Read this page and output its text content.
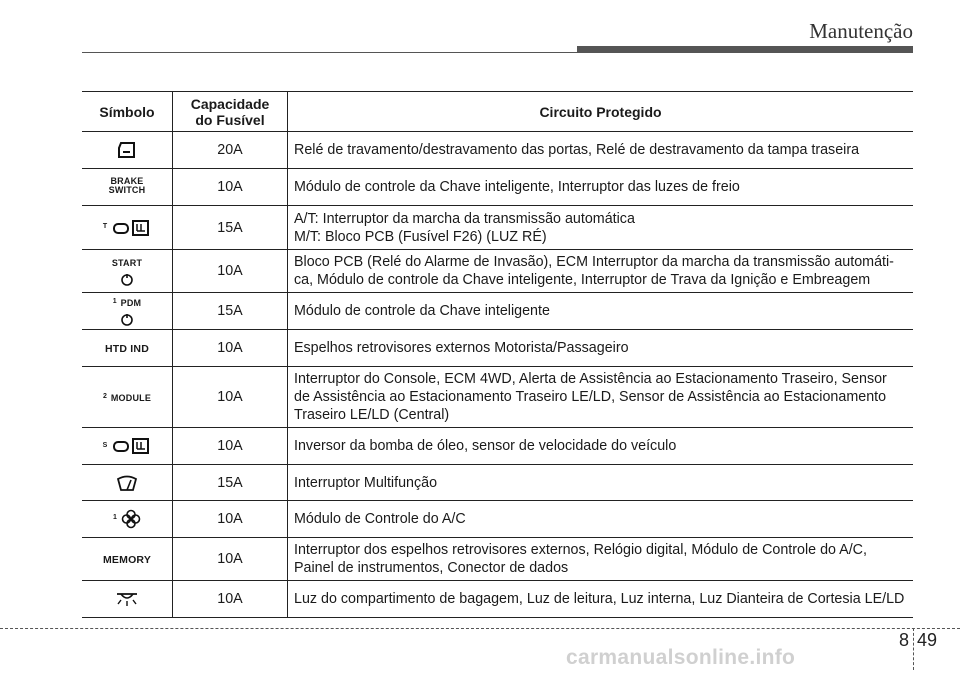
Manutenção
Símbolo	Capacidade
do Fusível	Circuito Protegido
	20A	Relé de travamento/destravamento das portas, Relé de destravamento da tampa traseira
BRAKE
SWITCH	10A	Módulo de controle da Chave inteligente, Interruptor das luzes de freio
$^T$	15A	A/T: Interruptor da marcha da transmissão automática
M/T: Bloco PCB (Fusível F26) (LUZ RÉ)
START	10A	Bloco PCB (Relé do Alarme de Invasão), ECM Interruptor da marcha da transmissão automáti-
ca, Módulo de controle da Chave inteligente, Interruptor de Trava da Ignição e Embreagem
$^1$ PDM	15A	Módulo de controle da Chave inteligente
HTD IND	10A	Espelhos retrovisores externos Motorista/Passageiro
$^2$ MODULE	10A	Interruptor do Console, ECM 4WD, Alerta de Assistência ao Estacionamento Traseiro, Sensor
de Assistência ao Estacionamento Traseiro LE/LD, Sensor de Assistência ao Estacionamento
Traseiro LE/LD (Central)
$^S$	10A	Inversor da bomba de óleo, sensor de velocidade do veículo
	15A	Interruptor Multifunção
$^1$	10A	Módulo de Controle do A/C
MEMORY	10A	Interruptor dos espelhos retrovisores externos, Relógio digital, Módulo de Controle do A/C,
Painel de instrumentos, Conector de dados
	10A	Luz do compartimento de bagagem, Luz de leitura, Luz interna, Luz Dianteira de Cortesia LE/LD
8 49
carmanualsonline.info
